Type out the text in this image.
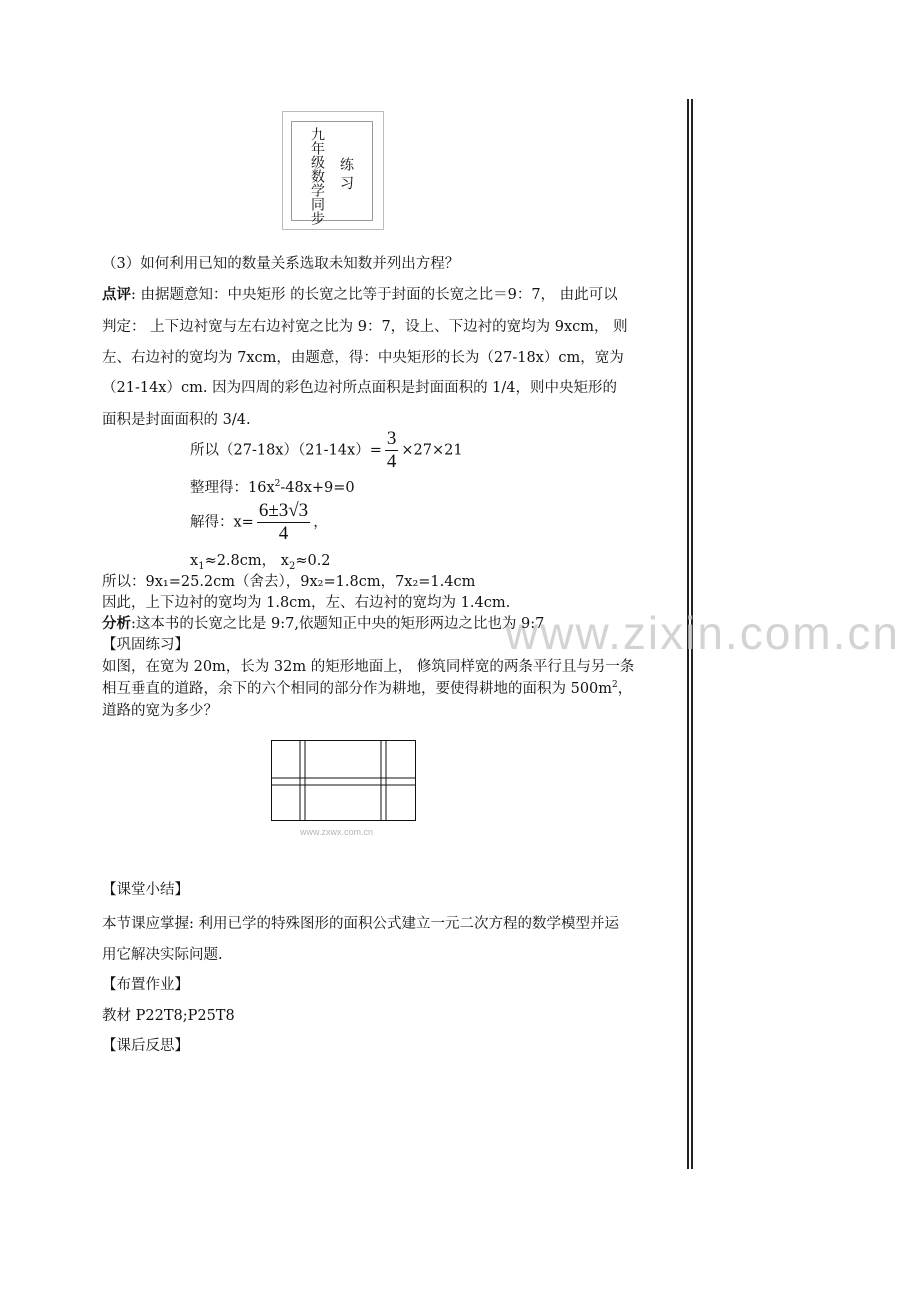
九年级数学同步 练 习
（3）如何利用已知的数量关系选取未知数并列出方程？
点评: 由据题意知：中央矩形 的长宽之比等于封面的长宽之比＝9：7， 由此可以
判定： 上下边衬宽与左右边衬宽之比为 9：7，设上、下边衬的宽均为 9xcm， 则
左、右边衬的宽均为 7xcm，由题意，得：中央矩形的长为（27-18x）cm，宽为
（21-14x）cm. 因为四周的彩色边衬所点面积是封面面积的 1/4，则中央矩形的
面积是封面面积的 3/4.
所以$(27-18x)(21-14x)= \frac{3}{4} \times 27\times 21$
整理得：$16x^2-48x+9=0$
解得：$x= \frac{6\pm 3√3}{4}$ ，
$x_1\approx 2.8cm$， $x_2\approx 0.2$
所以：9x₁=25.2cm（舍去），9x₂=1.8cm，7x₂=1.4cm
因此，上下边衬的宽均为 1.8cm，左、右边衬的宽均为 1.4cm.
www.zixin.com.cn
分析:这本书的长宽之比是 9:7,依题知正中央的矩形两边之比也为 9:7
【巩固练习】
如图，在宽为 20m，长为 32m 的矩形地面上， 修筑同样宽的两条平行且与另一条
相互垂直的道路，余下的六个相同的部分作为耕地，要使得耕地的面积为 $500m^2$，
道路的宽为多少？
www.zxwx.com.cn
【课堂小结】
本节课应掌握: 利用已学的特殊图形的面积公式建立一元二次方程的数学模型并运
用它解决实际问题.
【布置作业】
教材 P22T8;P25T8
【课后反思】
